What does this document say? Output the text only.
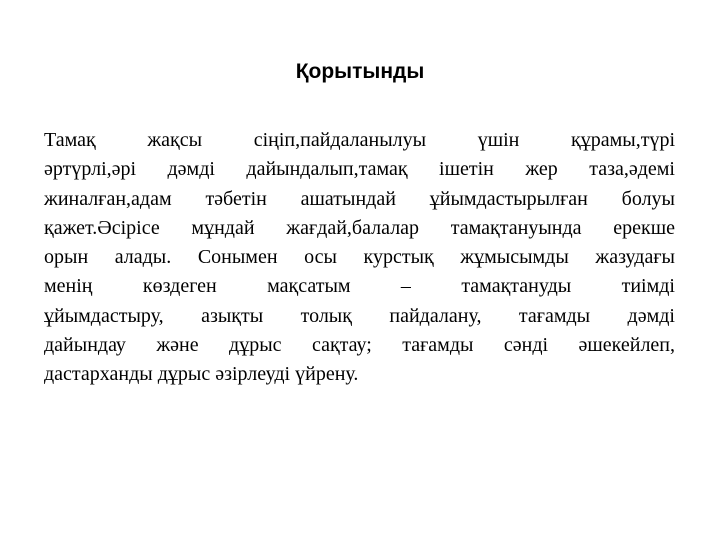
Қорытынды
Тамақ жақсы сіңіп,пайдаланылуы үшін құрамы,түрі
әртүрлі,әрі дәмді дайындалып,тамақ ішетін жер таза,әдемі
жиналған,адам тәбетін ашатындай ұйымдастырылған болуы
қажет.Әсірісе мұндай жағдай,балалар тамақтануында ерекше
орын алады. Сонымен осы курстық жұмысымды жазудағы
менің көздеген мақсатым – тамақтануды тиімді
ұйымдастыру, азықты толық пайдалану, тағамды дәмді
дайындау және дұрыс сақтау; тағамды сәнді әшекейлеп,
дастарханды дұрыс әзірлеуді үйрену.
